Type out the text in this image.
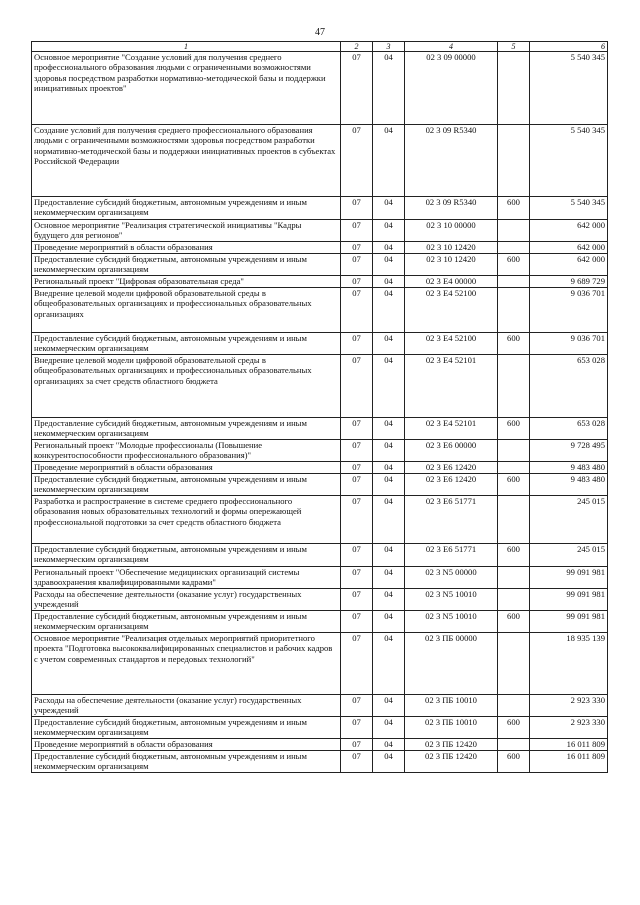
47
1	2	3	4	5	6
Основное мероприятие "Создание условий для получения среднего профессионального образования людьми с ограниченными возможностями здоровья посредством разработки нормативно-методической базы и поддержки инициативных проектов"	07	04	02 3 09 00000		5 540 345
Создание условий для получения среднего профессионального образования людьми с ограниченными возможностями здоровья посредством разработки нормативно-методической базы и поддержки инициативных проектов в субъектах Российской Федерации	07	04	02 3 09 R5340		5 540 345
Предоставление субсидий бюджетным, автономным учреждениям и иным некоммерческим организациям	07	04	02 3 09 R5340	600	5 540 345
Основное мероприятие "Реализация стратегической инициативы "Кадры будущего для регионов"	07	04	02 3 10 00000		642 000
Проведение мероприятий в области образования	07	04	02 3 10 12420		642 000
Предоставление субсидий бюджетным, автономным учреждениям и иным некоммерческим организациям	07	04	02 3 10 12420	600	642 000
Региональный проект "Цифровая образовательная среда"	07	04	02 3 E4 00000		9 689 729
Внедрение целевой модели цифровой образовательной среды в общеобразовательных организациях и профессиональных образовательных организациях	07	04	02 3 E4 52100		9 036 701
Предоставление субсидий бюджетным, автономным учреждениям и иным некоммерческим организациям	07	04	02 3 E4 52100	600	9 036 701
Внедрение целевой модели цифровой образовательной среды в общеобразовательных организациях и профессиональных образовательных организациях за счет средств областного бюджета	07	04	02 3 E4 52101		653 028
Предоставление субсидий бюджетным, автономным учреждениям и иным некоммерческим организациям	07	04	02 3 E4 52101	600	653 028
Региональный проект "Молодые профессионалы (Повышение конкурентоспособности профессионального образования)"	07	04	02 3 E6 00000		9 728 495
Проведение мероприятий в области образования	07	04	02 3 E6 12420		9 483 480
Предоставление субсидий бюджетным, автономным учреждениям и иным некоммерческим организациям	07	04	02 3 E6 12420	600	9 483 480
Разработка и распространение в системе среднего профессионального образования новых образовательных технологий и формы опережающей профессиональной подготовки за счет средств областного бюджета	07	04	02 3 E6 51771		245 015
Предоставление субсидий бюджетным, автономным учреждениям и иным некоммерческим организациям	07	04	02 3 E6 51771	600	245 015
Региональный проект "Обеспечение медицинских организаций системы здравоохранения квалифицированными кадрами"	07	04	02 3 N5 00000		99 091 981
Расходы на обеспечение деятельности (оказание услуг) государственных учреждений	07	04	02 3 N5 10010		99 091 981
Предоставление субсидий бюджетным, автономным учреждениям и иным некоммерческим организациям	07	04	02 3 N5 10010	600	99 091 981
Основное мероприятие "Реализация отдельных мероприятий приоритетного проекта "Подготовка высококвалифицированных специалистов и рабочих кадров с учетом современных стандартов и передовых технологий"	07	04	02 3 ПБ 00000		18 935 139
Расходы на обеспечение деятельности (оказание услуг) государственных учреждений	07	04	02 3 ПБ 10010		2 923 330
Предоставление субсидий бюджетным, автономным учреждениям и иным некоммерческим организациям	07	04	02 3 ПБ 10010	600	2 923 330
Проведение мероприятий в области образования	07	04	02 3 ПБ 12420		16 011 809
Предоставление субсидий бюджетным, автономным учреждениям и иным некоммерческим организациям	07	04	02 3 ПБ 12420	600	16 011 809
